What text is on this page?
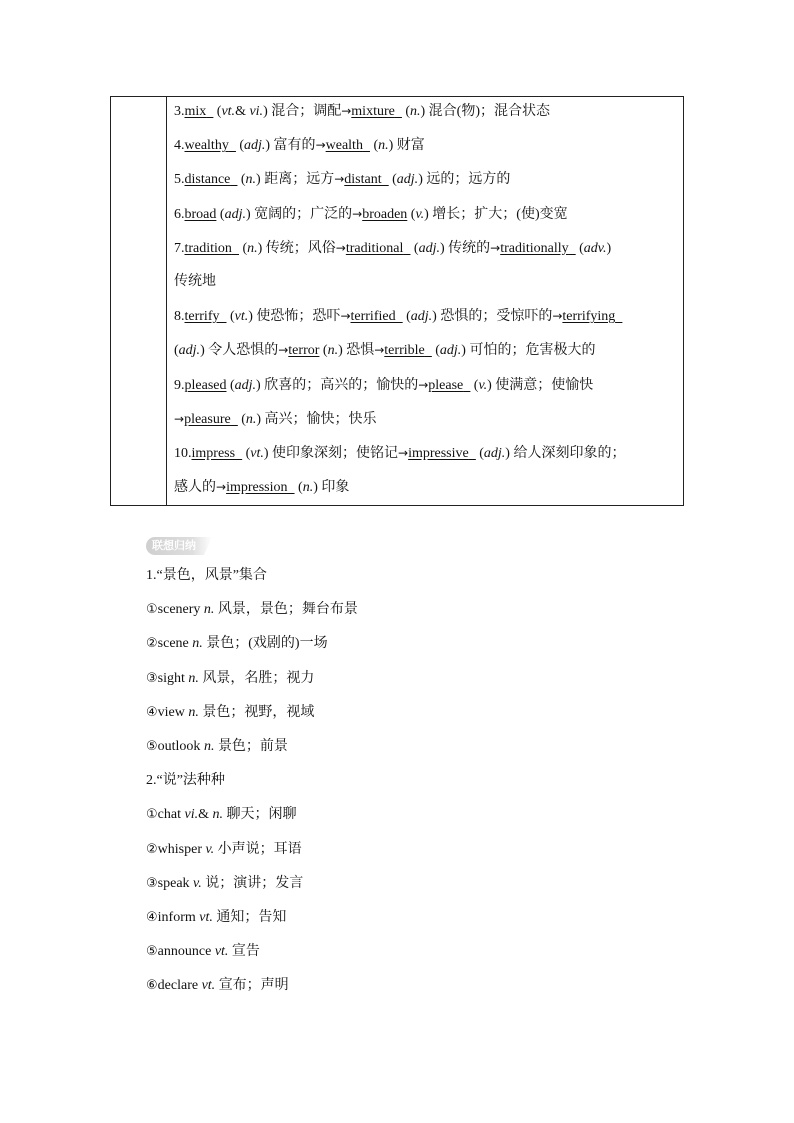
3.mix (vt.& vi.) 混合；调配→mixture (n.) 混合(物)；混合状态
4.wealthy (adj.) 富有的→wealth (n.) 财富
5.distance (n.) 距离；远方→distant (adj.) 远的；远方的
6.broad (adj.) 宽阔的；广泛的→broaden (v.) 增长；扩大；(使)变宽
7.tradition (n.) 传统；风俗→traditional (adj.) 传统的→traditionally (adv.)
传统地
8.terrify (vt.) 使恐怖；恐吓→terrified (adj.) 恐惧的；受惊吓的→terrifying
(adj.) 令人恐惧的→terror (n.) 恐惧→terrible (adj.) 可怕的；危害极大的
9.pleased (adj.) 欣喜的；高兴的；愉快的→please (v.) 使满意；使愉快
→pleasure (n.) 高兴；愉快；快乐
10.impress (vt.) 使印象深刻；使铭记→impressive (adj.) 给人深刻印象的；
感人的→impression (n.) 印象
联想归纳
1.“景色，风景”集合
①scenery n. 风景，景色；舞台布景
②scene n. 景色；(戏剧的)一场
③sight n. 风景，名胜；视力
④view n. 景色；视野，视域
⑤outlook n. 景色；前景
2.“说”法种种
①chat vi.& n. 聊天；闲聊
②whisper v. 小声说；耳语
③speak v. 说；演讲；发言
④inform vt. 通知；告知
⑤announce vt. 宣告
⑥declare vt. 宣布；声明
